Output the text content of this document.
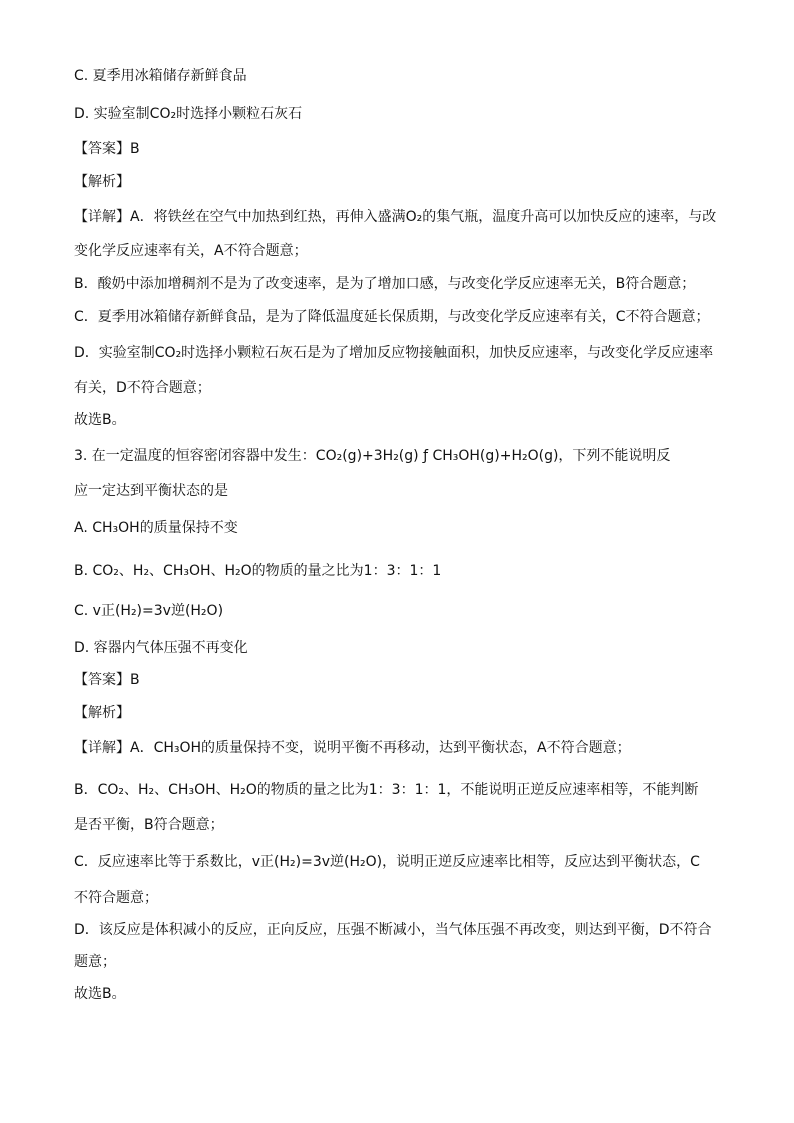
C. 夏季用冰箱储存新鲜食品
D. 实验室制CO₂时选择小颗粒石灰石
【答案】B
【解析】
【详解】A．将铁丝在空气中加热到红热，再伸入盛满O₂的集气瓶，温度升高可以加快反应的速率，与改
变化学反应速率有关，A不符合题意；
B．酸奶中添加增稠剂不是为了改变速率，是为了增加口感，与改变化学反应速率无关，B符合题意；
C．夏季用冰箱储存新鲜食品，是为了降低温度延长保质期，与改变化学反应速率有关，C不符合题意；
D．实验室制CO₂时选择小颗粒石灰石是为了增加反应物接触面积，加快反应速率，与改变化学反应速率
有关，D不符合题意；
故选B。
3. 在一定温度的恒容密闭容器中发生：CO₂(g)+3H₂(g) ƒ CH₃OH(g)+H₂O(g)，下列不能说明反
应一定达到平衡状态的是
A. CH₃OH的质量保持不变
B. CO₂、H₂、CH₃OH、H₂O的物质的量之比为1：3：1：1
C. v正(H₂)=3v逆(H₂O)
D. 容器内气体压强不再变化
【答案】B
【解析】
【详解】A．CH₃OH的质量保持不变，说明平衡不再移动，达到平衡状态，A不符合题意；
B．CO₂、H₂、CH₃OH、H₂O的物质的量之比为1：3：1：1，不能说明正逆反应速率相等，不能判断
是否平衡，B符合题意；
C．反应速率比等于系数比，v正(H₂)=3v逆(H₂O)，说明正逆反应速率比相等，反应达到平衡状态，C
不符合题意；
D．该反应是体积减小的反应，正向反应，压强不断减小，当气体压强不再改变，则达到平衡，D不符合
题意；
故选B。
